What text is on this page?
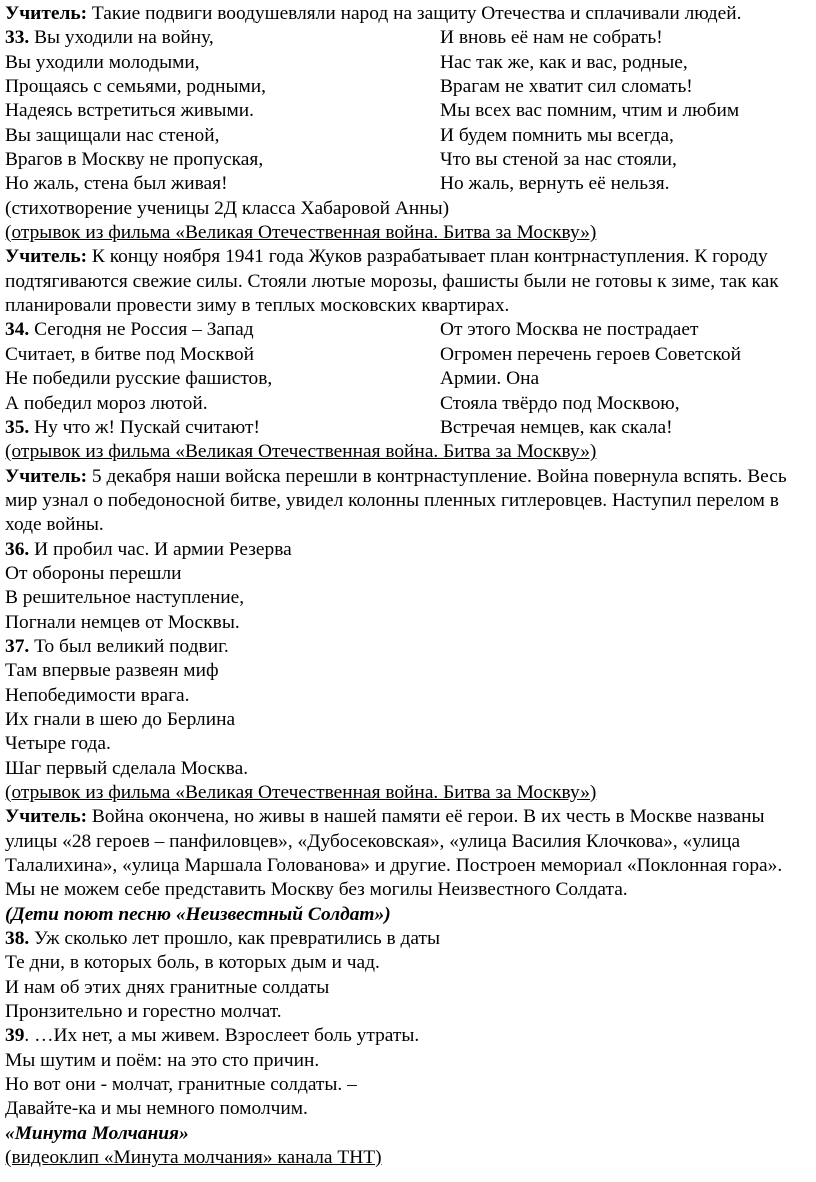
Учитель: Такие подвиги воодушевляли народ на защиту Отечества и сплачивали людей.
33. Вы уходили на войну,
Вы уходили молодыми,
Прощаясь с семьями, родными,
Надеясь встретиться живыми.
Вы защищали нас стеной,
Врагов в Москву не пропуская,
Но жаль, стена был живая!
И вновь её нам не собрать!
Нас так же, как и вас, родные,
Врагам не хватит сил сломать!
Мы всех вас помним, чтим и любим
И будем помнить мы всегда,
Что вы стеной за нас стояли,
Но жаль, вернуть её нельзя.
(стихотворение ученицы 2Д класса Хабаровой Анны)
(отрывок из фильма «Великая Отечественная война. Битва за Москву»)
Учитель: К концу ноября 1941 года Жуков разрабатывает план контрнаступления. К городу подтягиваются свежие силы. Стояли лютые морозы, фашисты были не готовы к зиме, так как планировали провести зиму в теплых московских квартирах.
34. Сегодня не Россия – Запад
Считает, в битве под Москвой
Не победили русские фашистов,
А победил мороз лютой.
35. Ну что ж! Пускай считают!
От этого Москва не пострадает
Огромен перечень героев Советской
Армии. Она
Стояла твёрдо под Москвою,
Встречая немцев, как скала!
(отрывок из фильма «Великая Отечественная война. Битва за Москву»)
Учитель: 5 декабря наши войска перешли в контрнаступление. Война повернула вспять. Весь мир узнал о победоносной битве, увидел колонны пленных гитлеровцев. Наступил перелом в ходе войны.
36. И пробил час. И армии Резерва
От обороны перешли
В решительное наступление,
Погнали немцев от Москвы.
37. То был великий подвиг.
Там впервые развеян миф
Непобедимости врага.
Их гнали в шею до Берлина
Четыре года.
Шаг первый сделала Москва.
(отрывок из фильма «Великая Отечественная война. Битва за Москву»)
Учитель: Война окончена, но живы в нашей памяти её герои. В их честь в Москве названы улицы «28 героев – панфиловцев», «Дубосековская», «улица Василия Клочкова», «улица Талалихина», «улица Маршала Голованова» и другие. Построен мемориал «Поклонная гора». Мы не можем себе представить Москву без могилы Неизвестного Солдата.
(Дети поют песню «Неизвестный Солдат»)
38. Уж сколько лет прошло, как превратились в даты
Те дни, в которых боль, в которых дым и чад.
И нам об этих днях гранитные солдаты
Пронзительно и горестно молчат.
39. …Их нет, а мы живем. Взрослеет боль утраты.
Мы шутим и поём: на это сто причин.
Но вот они - молчат, гранитные солдаты. –
Давайте-ка и мы немного помолчим.
«Минута Молчания»
(видеоклип «Минута молчания» канала ТНТ)
